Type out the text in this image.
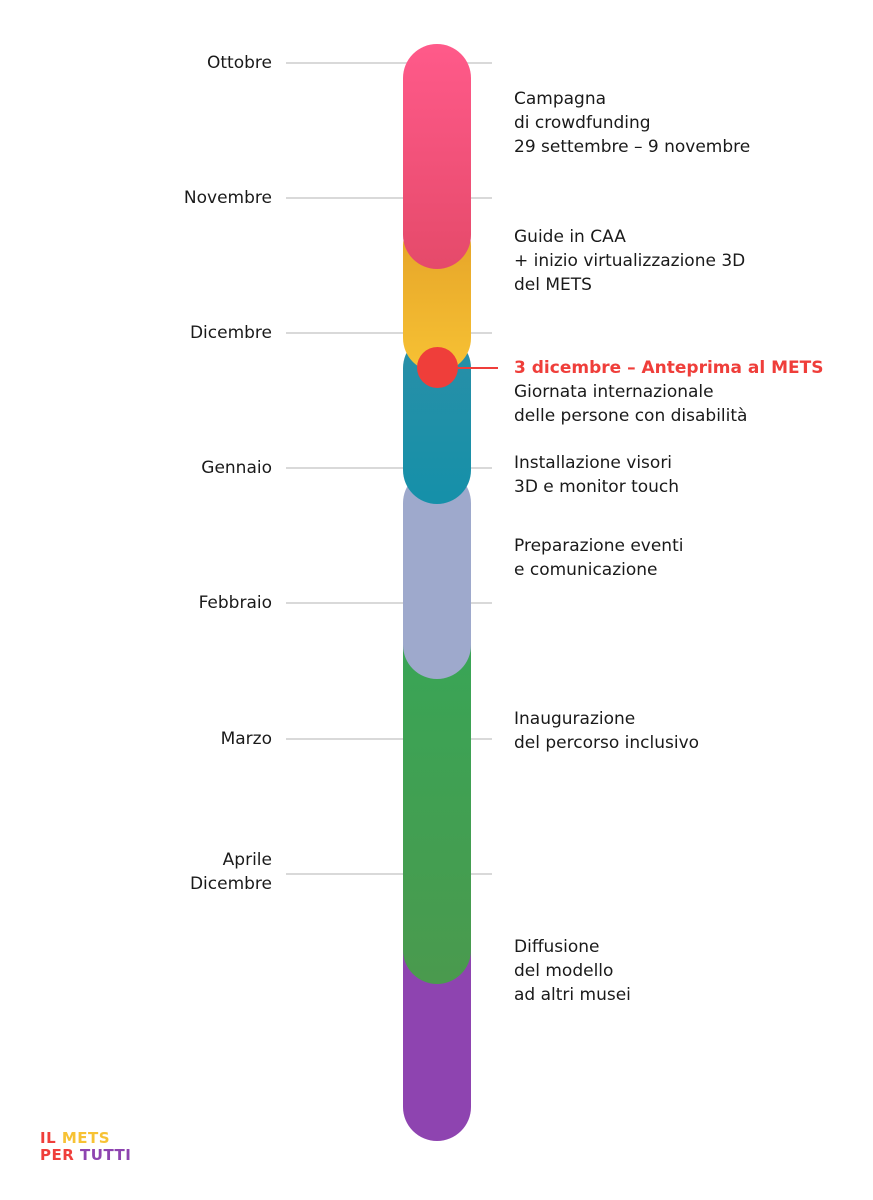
Ottobre
Novembre
Dicembre
Gennaio
Febbraio
Marzo
Aprile
Dicembre
Campagna
di crowdfunding
29 settembre – 9 novembre
Guide in CAA
+ inizio virtualizzazione 3D
del METS
3 dicembre – Anteprima al METS
Giornata internazionale
delle persone con disabilità
Installazione visori
3D e monitor touch
Preparazione eventi
e comunicazione
Inaugurazione
del percorso inclusivo
Diffusione
del modello
ad altri musei
IL METS
PER TUTTI
